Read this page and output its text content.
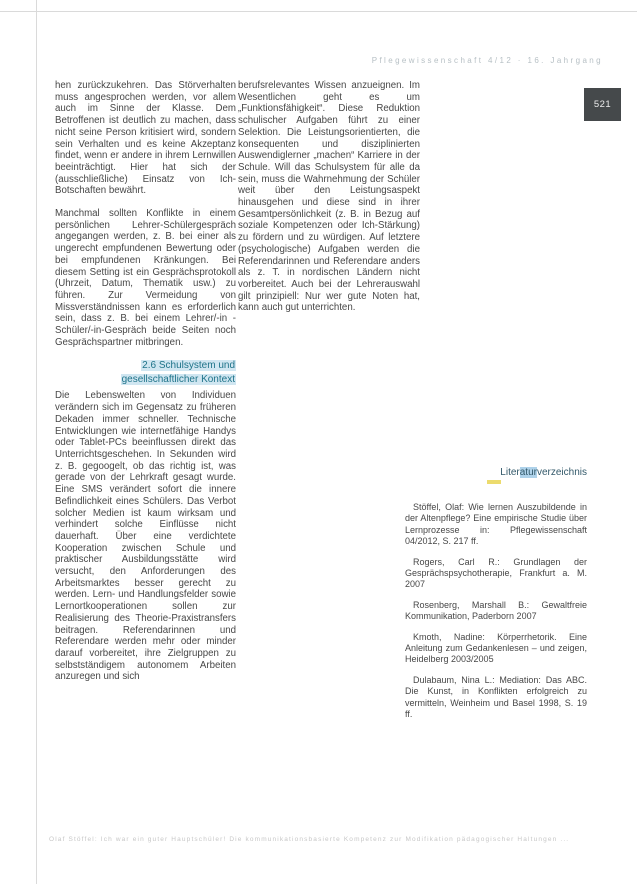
Pflegewissenschaft 4/12 · 16. Jahrgang
521

hen zurückzukehren. Das Störverhalten muss angesprochen werden, vor allem auch im Sinne der Klasse. Dem Betroffenen ist deutlich zu machen, dass nicht seine Person kritisiert wird, sondern sein Verhalten und es keine Akzeptanz findet, wenn er andere in ihrem Lernwillen beeinträchtigt. Hier hat sich der (ausschließliche) Einsatz von Ich-Botschaften bewährt.

Manchmal sollten Konflikte in einem persönlichen Lehrer-Schülergespräch angegangen werden, z. B. bei einer als ungerecht empfundenen Bewertung oder bei empfundenen Kränkungen. Bei diesem Setting ist ein Gesprächsprotokoll (Uhrzeit, Datum, Thematik usw.) zu führen. Zur Vermeidung von Missverständnissen kann es erforderlich sein, dass z. B. bei einem Lehrer/-in - Schüler/-in-Gespräch beide Seiten noch Gesprächspartner mitbringen.

2.6 Schulsystem und
gesellschaftlicher Kontext

Die Lebenswelten von Individuen verändern sich im Gegensatz zu früheren Dekaden immer schneller. Technische Entwicklungen wie internetfähige Handys oder Tablet-PCs beeinflussen direkt das Unterrichtsgeschehen. In Sekunden wird z. B. gegoogelt, ob das richtig ist, was gerade von der Lehrkraft gesagt wurde. Eine SMS verändert sofort die innere Befindlichkeit eines Schülers. Das Verbot solcher Medien ist kaum wirksam und verhindert solche Einflüsse nicht dauerhaft. Über eine verdichtete Kooperation zwischen Schule und praktischer Ausbildungsstätte wird versucht, den Anforderungen des Arbeitsmarktes besser gerecht zu werden. Lern- und Handlungsfelder sowie Lernortkooperationen sollen zur Realisierung des Theorie-Praxistransfers beitragen. Referendarinnen und Referendare werden mehr oder minder darauf vorbereitet, ihre Zielgruppen zu selbstständigem autonomem Arbeiten anzuregen und sich

berufsrelevantes Wissen anzueignen. Im Wesentlichen geht es um „Funktionsfähigkeit“. Diese Reduktion schulischer Aufgaben führt zu einer Selektion. Die Leistungsorientierten, die konsequenten und disziplinierten Auswendiglerner „machen“ Karriere in der Schule. Will das Schulsystem für alle da sein, muss die Wahrnehmung der Schüler weit über den Leistungsaspekt hinausgehen und diese sind in ihrer Gesamtpersönlichkeit (z. B. in Bezug auf soziale Kompetenzen oder Ich-Stärkung) zu fördern und zu würdigen. Auf letztere (psychologische) Aufgaben werden die Referendarinnen und Referendare anders als z. T. in nordischen Ländern nicht vorbereitet. Auch bei der Lehrerauswahl gilt prinzipiell: Nur wer gute Noten hat, kann auch gut unterrichten.

Literaturverzeichnis
Stöffel, Olaf: Wie lernen Auszubildende in der Altenpflege? Eine empirische Studie über Lernprozesse in: Pflegewissenschaft 04/2012, S. 217 ff.
Rogers, Carl R.: Grundlagen der Gesprächspsychotherapie, Frankfurt a. M. 2007
Rosenberg, Marshall B.: Gewaltfreie Kommunikation, Paderborn 2007
Kmoth, Nadine: Körperrhetorik. Eine Anleitung zum Gedankenlesen – und zeigen, Heidelberg 2003/2005
Dulabaum, Nina L.: Mediation: Das ABC. Die Kunst, in Konflikten erfolgreich zu vermitteln, Weinheim und Basel 1998, S. 19 ff.
Olaf Stöffel: Ich war ein guter Hauptschüler! Die kommunikationsbasierte Kompetenz zur Modifikation pädagogischer Haltungen ...
